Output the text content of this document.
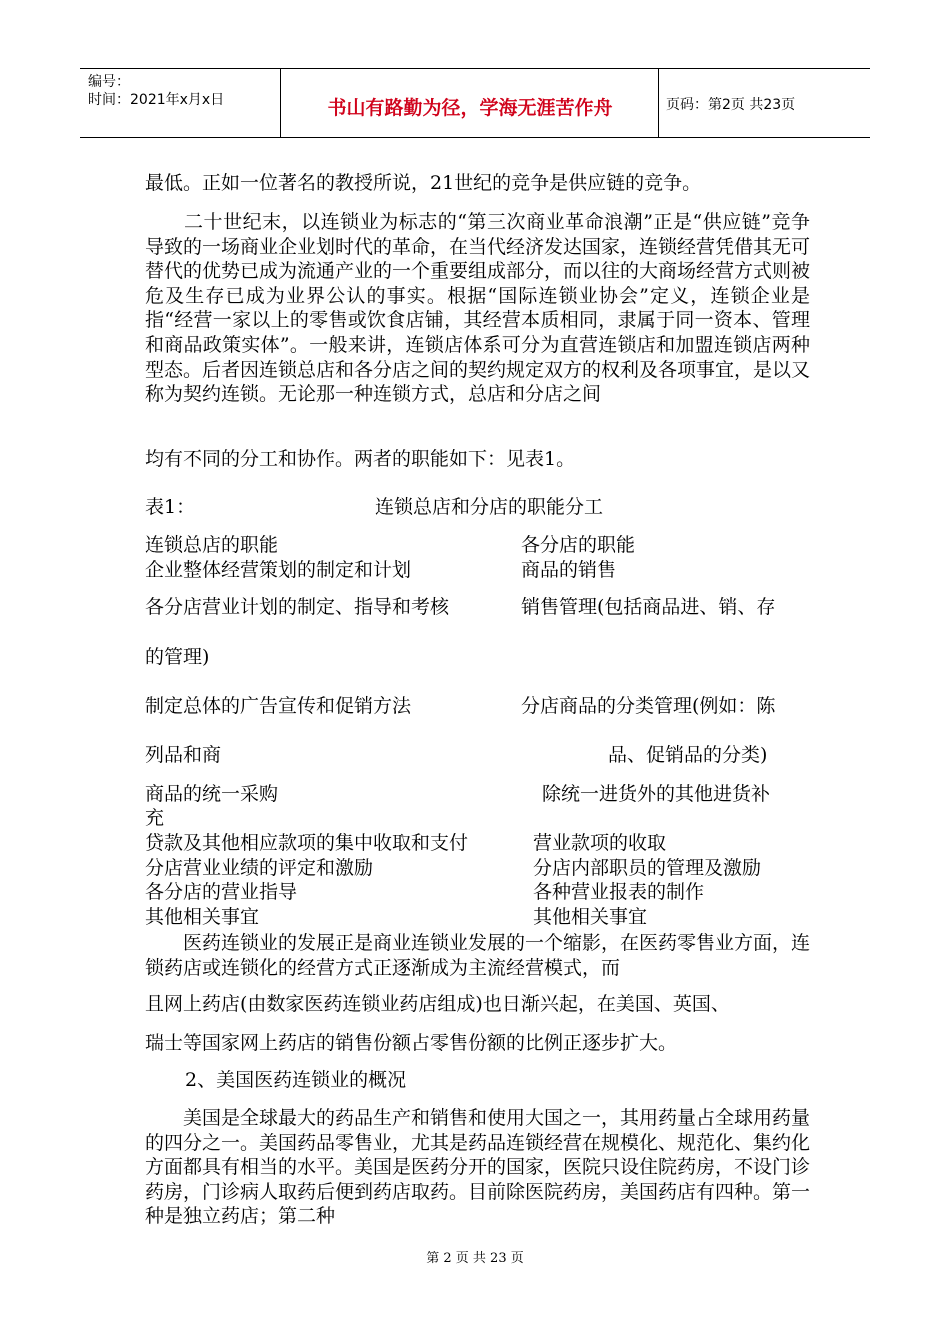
编号：
时间：2021年x月x日	书山有路勤为径，学海无涯苦作舟	页码：第2页 共23页
最低。正如一位著名的教授所说，21世纪的竞争是供应链的竞争。
　　二十世纪末，以连锁业为标志的“第三次商业革命浪潮”正是“供应链”竞争导致的一场商业企业划时代的革命，在当代经济发达国家，连锁经营凭借其无可替代的优势已成为流通产业的一个重要组成部分，而以往的大商场经营方式则被危及生存已成为业界公认的事实。根据“国际连锁业协会”定义，连锁企业是指“经营一家以上的零售或饮食店铺，其经营本质相同，隶属于同一资本、管理和商品政策实体”。一般来讲，连锁店体系可分为直营连锁店和加盟连锁店两种型态。后者因连锁总店和各分店之间的契约规定双方的权利及各项事宜，是以又称为契约连锁。无论那一种连锁方式，总店和分店之间
均有不同的分工和协作。两者的职能如下：见表1。
表1：	连锁总店和分店的职能分工
连锁总店的职能	各分店的职能
企业整体经营策划的制定和计划	商品的销售
各分店营业计划的制定、指导和考核	销售管理(包括商品进、销、存
的管理)
制定总体的广告宣传和促销方法	分店商品的分类管理(例如：陈
列品和商	品、促销品的分类)
商品的统一采购	除统一进货外的其他进货补
充
贷款及其他相应款项的集中收取和支付	营业款项的收取
分店营业业绩的评定和激励	分店内部职员的管理及激励
各分店的营业指导	各种营业报表的制作
其他相关事宜	其他相关事宜
　　医药连锁业的发展正是商业连锁业发展的一个缩影，在医药零售业方面，连锁药店或连锁化的经营方式正逐渐成为主流经营模式，而
且网上药店(由数家医药连锁业药店组成)也日渐兴起，在美国、英国、
瑞士等国家网上药店的销售份额占零售份额的比例正逐步扩大。
2、美国医药连锁业的概况
　　美国是全球最大的药品生产和销售和使用大国之一，其用药量占全球用药量的四分之一。美国药品零售业，尤其是药品连锁经营在规模化、规范化、集约化方面都具有相当的水平。美国是医药分开的国家，医院只设住院药房，不设门诊药房，门诊病人取药后便到药店取药。目前除医院药房，美国药店有四种。第一种是独立药店；第二种
第 2 页 共 23 页
